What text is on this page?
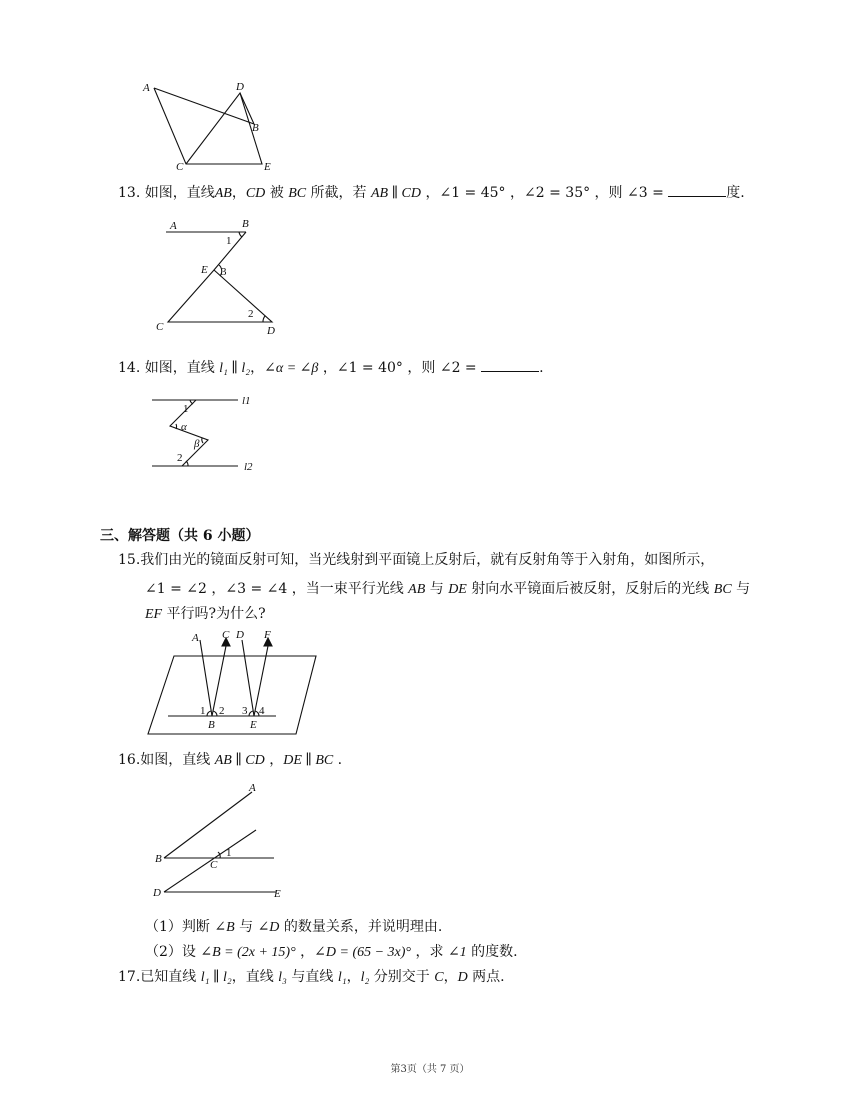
A	D
B
C	E
13. 如图，直线AB，CD 被 BC 所截，若 AB ∥ CD ，∠1 = 45° ，∠2 = 35° ，则 ∠3 =	度.
A	B
1
E 3
2
C	D
14. 如图，直线 l₁ ∥ l₂，∠α = ∠β ，∠1 = 40° ，则 ∠2 =	.
l1
l2
1
α
β
2
三、解答题（共 6 小题）
15.我们由光的镜面反射可知，当光线射到平面镜上反射后，就有反射角等于入射角，如图所示，
∠1 = ∠2 ，∠3 = ∠4 ，当一束平行光线 AB 与 DE 射向水平镜面后被反射，反射后的光线 BC 与
EF 平行吗?为什么?
A C D F
1 2 3 4
B	E
16.如图，直线 AB ∥ CD ，DE ∥ BC .
A
B	C
1
D	E
（1）判断 ∠B 与 ∠D 的数量关系，并说明理由.
（2）设 ∠B = (2x + 15)° ，∠D = (65 − 3x)° ，求 ∠1 的度数.
17.已知直线 l₁ ∥ l₂，直线 l₃ 与直线 l₁，l₂ 分别交于 C，D 两点.
第3页（共 7 页）
